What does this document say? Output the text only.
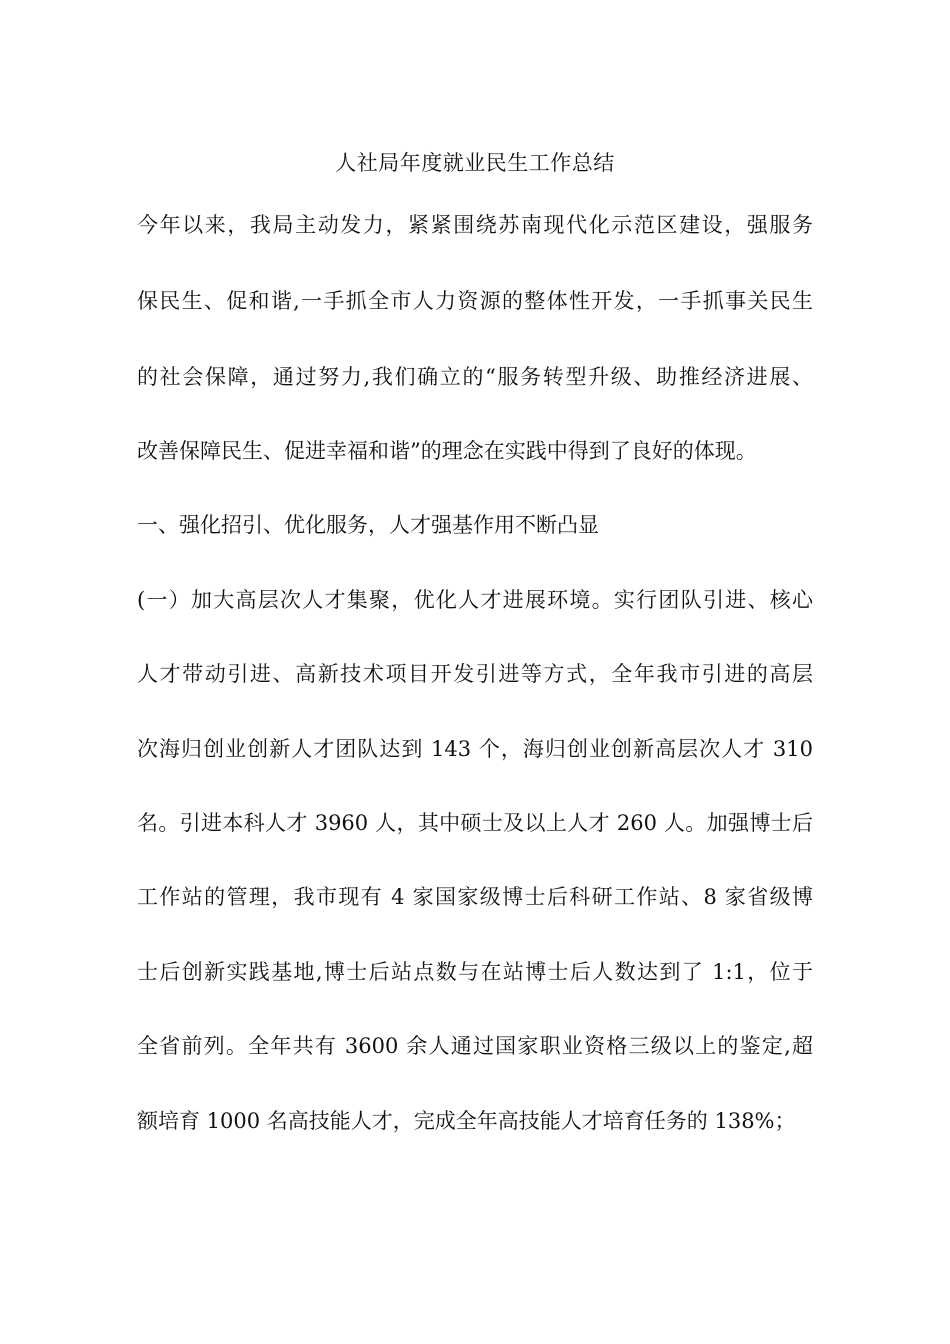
人社局年度就业民生工作总结
今年以来，我局主动发力，紧紧围绕苏南现代化示范区建设，强服务
保民生、促和谐,一手抓全市人力资源的整体性开发，一手抓事关民生
的社会保障，通过努力,我们确立的“服务转型升级、助推经济进展、
改善保障民生、促进幸福和谐”的理念在实践中得到了良好的体现。
一、强化招引、优化服务，人才强基作用不断凸显
(一）加大高层次人才集聚，优化人才进展环境。实行团队引进、核心
人才带动引进、高新技术项目开发引进等方式，全年我市引进的高层
次海归创业创新人才团队达到 143 个，海归创业创新高层次人才 310
名。引进本科人才 3960 人，其中硕士及以上人才 260 人。加强博士后
工作站的管理，我市现有 4 家国家级博士后科研工作站、8 家省级博
士后创新实践基地,博士后站点数与在站博士后人数达到了 1:1，位于
全省前列。全年共有 3600 余人通过国家职业资格三级以上的鉴定,超
额培育 1000 名高技能人才，完成全年高技能人才培育任务的 138%；
